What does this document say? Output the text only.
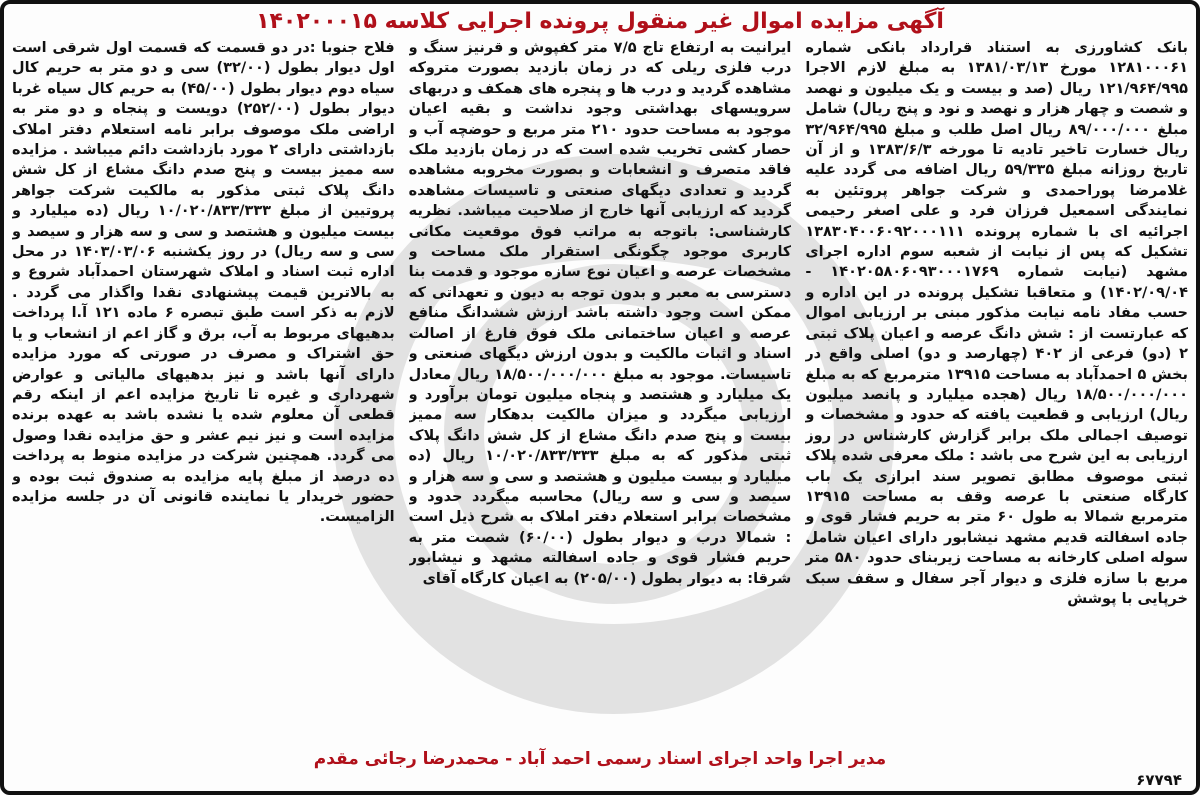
آگهی مزایده اموال غیر منقول پرونده اجرایی کلاسه ۱۴۰۲۰۰۰۱۵

بانک کشاورزی به استناد قرارداد بانکی شماره ۱۲۸۱۰۰۰۶۱ مورخ ۱۳۸۱/۰۳/۱۳ به مبلغ لازم الاجرا ۱۲۱/۹۶۴/۹۹۵ ریال (صد و بیست و یک میلیون و نهصد و شصت و چهار هزار و نهصد و نود و پنج ریال) شامل مبلغ ۸۹/۰۰۰/۰۰۰ ریال اصل طلب و مبلغ ۳۲/۹۶۴/۹۹۵ ریال خسارت تاخیر تادیه تا مورخه ۱۳۸۳/۶/۳ و از آن تاریخ روزانه مبلغ ۵۹/۳۳۵ ریال اضافه می گردد علیه غلامرضا پوراحمدی و شرکت جواهر پروتئین به نمایندگی اسمعیل فرزان فرد و علی اصغر رحیمی اجرائیه ای با شماره پرونده ۱۳۸۳۰۴۰۰۶۰۹۲۰۰۰۱۱۱ تشکیل که پس از نیابت از شعبه سوم اداره اجرای مشهد (نیابت شماره ۱۴۰۲۰۵۸۰۶۰۹۳۰۰۰۱۷۶۹ - ۱۴۰۲/۰۹/۰۴) و متعاقبا تشکیل پرونده در این اداره و حسب مفاد نامه نیابت مذکور مبنی بر ارزیابی اموال که عبارتست از : شش دانگ عرصه و اعیان پلاک ثبتی ۲ (دو) فرعی از ۴۰۲ (چهارصد و دو) اصلی واقع در بخش ۵ احمدآباد به مساحت ۱۳۹۱۵ مترمربع که به مبلغ ۱۸/۵۰۰/۰۰۰/۰۰۰ ریال (هجده میلیارد و پانصد میلیون ریال) ارزیابی و قطعیت یافته که حدود و مشخصات و توصیف اجمالی ملک برابر گزارش کارشناس در روز ارزیابی به این شرح می باشد : ملک معرفی شده پلاک ثبتی موصوف مطابق تصویر سند ابرازی یک باب کارگاه صنعتی با عرصه وقف به مساحت ۱۳۹۱۵ مترمربع شمالا به طول ۶۰ متر به حریم فشار قوی و جاده اسفالته قدیم مشهد نیشابور دارای اعیان شامل سوله اصلی کارخانه به مساحت زیربنای حدود ۵۸۰ متر مربع با سازه فلزی و دیوار آجر سفال و سقف سبک خرپایی با پوشش

ایرانیت به ارتفاع تاج ۷/۵ متر کفپوش و قرنیز سنگ و درب فلزی ریلی که در زمان بازدید بصورت متروکه مشاهده گردید و درب ها و پنجره های همکف و دربهای سرویسهای بهداشتی وجود نداشت و بقیه اعیان موجود به مساحت حدود ۲۱۰ متر مربع و حوضچه آب و حصار کشی تخریب شده است که در زمان بازدید ملک فاقد متصرف و انشعابات و بصورت مخروبه مشاهده گردید و تعدادی دیگهای صنعتی و تاسیسات مشاهده گردید که ارزیابی آنها خارج از صلاحیت میباشد. نظریه کارشناسی: باتوجه به مراتب فوق موقعیت مکانی کاربری موجود چگونگی استقرار ملک مساحت و مشخصات عرصه و اعیان نوع سازه موجود و قدمت بنا دسترسی به معبر و بدون توجه به دیون و تعهداتی که ممکن است وجود داشته باشد ارزش ششدانگ منافع عرصه و اعیان ساختمانی ملک فوق فارغ از اصالت اسناد و اثبات مالکیت و بدون ارزش دیگهای صنعتی و تاسیسات. موجود به مبلغ ۱۸/۵۰۰/۰۰۰/۰۰۰ ریال معادل یک میلیارد و هشتصد و پنجاه میلیون تومان برآورد و ارزیابی میگردد و میزان مالکیت بدهکار سه ممیز بیست و پنج صدم دانگ مشاع از کل شش دانگ پلاک ثبتی مذکور که به مبلغ ۱۰/۰۲۰/۸۳۳/۳۳۳ ریال (ده میلیارد و بیست میلیون و هشتصد و سی و سه هزار و سیصد و سی و سه ریال) محاسبه میگردد حدود و مشخصات برابر استعلام دفتر املاک به شرح ذیل است : شمالا درب و دیوار بطول (۶۰/۰۰) شصت متر به حریم فشار قوی و جاده اسفالته مشهد و نیشابور شرقا: به دیوار بطول (۲۰۵/۰۰) به اعیان کارگاه آقای

فلاح جنوبا :در دو قسمت که قسمت اول شرقی است اول دیوار بطول (۳۲/۰۰) سی و دو متر به حریم کال سیاه دوم دیوار بطول (۴۵/۰۰) به حریم کال سیاه غربا دیوار بطول (۲۵۲/۰۰) دویست و پنجاه و دو متر به اراضی ملک موصوف برابر نامه استعلام دفتر املاک بازداشتی دارای ۲ مورد بازداشت دائم میباشد . مزایده سه ممیز بیست و پنج صدم دانگ مشاع از کل شش دانگ پلاک ثبتی مذکور به مالکیت شرکت جواهر پروتیین از مبلغ ۱۰/۰۲۰/۸۳۳/۳۳۳ ریال (ده میلیارد و بیست میلیون و هشتصد و سی و سه هزار و سیصد و سی و سه ریال) در روز یکشنبه ۱۴۰۳/۰۳/۰۶ در محل اداره ثبت اسناد و املاک شهرستان احمدآباد شروع و به بالاترین قیمت پیشنهادی نقدا واگذار می گردد . لازم به ذکر است طبق تبصره ۶ ماده ۱۲۱ آ.ا پرداخت بدهیهای مربوط به آب، برق و گاز اعم از انشعاب و یا حق اشتراک و مصرف در صورتی که مورد مزایده دارای آنها باشد و نیز بدهیهای مالیاتی و عوارض شهرداری و غیره تا تاریخ مزایده اعم از اینکه رقم قطعی آن معلوم شده یا نشده باشد به عهده برنده مزایده است و نیز نیم عشر و حق مزایده نقدا وصول می گردد. همچنین شرکت در مزایده منوط به پرداخت ده درصد از مبلغ پایه مزایده به صندوق ثبت بوده و حضور خریدار یا نماینده قانونی آن در جلسه مزایده الزامیست.

مدیر اجرا واحد اجرای اسناد رسمی احمد آباد - محمدرضا رجائی مقدم
۶۷۷۹۴
